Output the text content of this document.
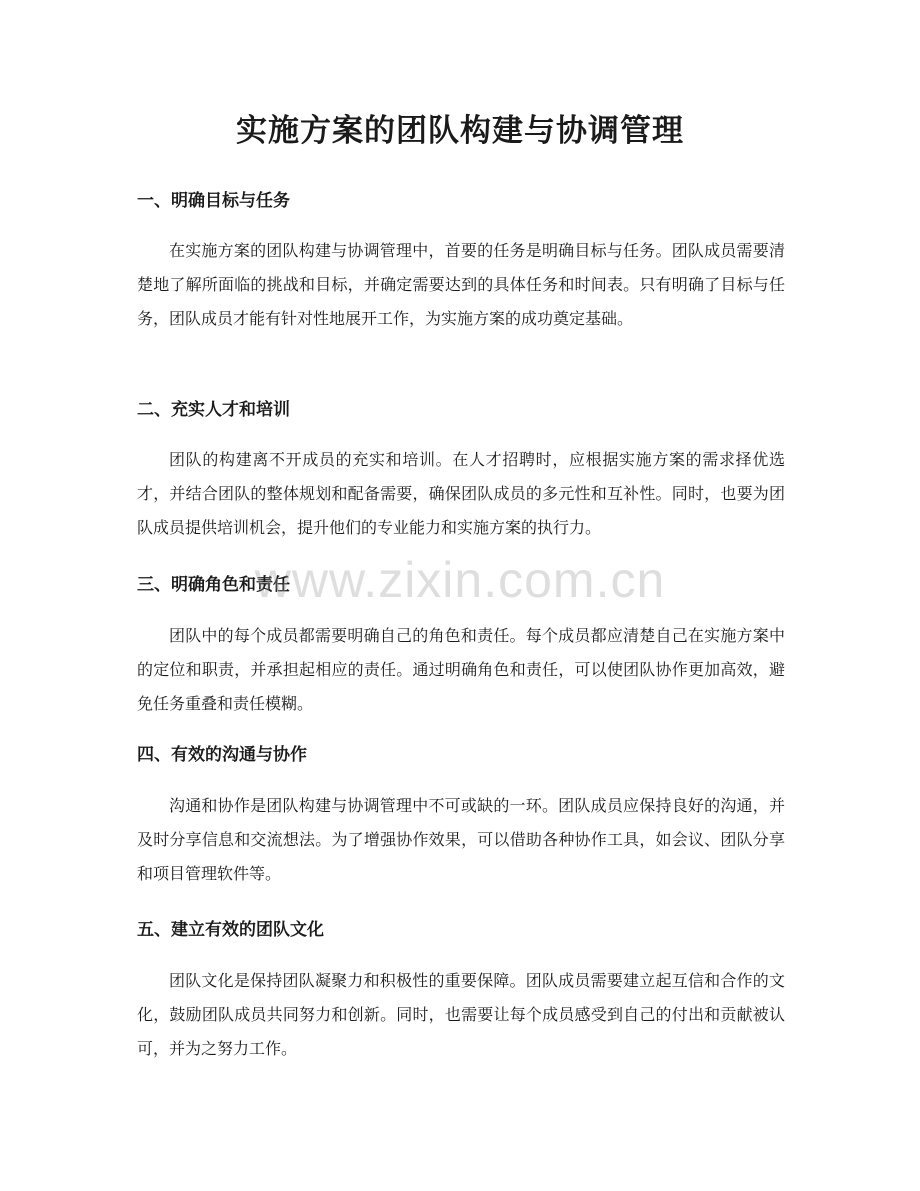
实施方案的团队构建与协调管理
一、明确目标与任务

在实施方案的团队构建与协调管理中，首要的任务是明确目标与任务。团队成员需要清楚地了解所面临的挑战和目标，并确定需要达到的具体任务和时间表。只有明确了目标与任务，团队成员才能有针对性地展开工作，为实施方案的成功奠定基础。

二、充实人才和培训

团队的构建离不开成员的充实和培训。在人才招聘时，应根据实施方案的需求择优选才，并结合团队的整体规划和配备需要，确保团队成员的多元性和互补性。同时，也要为团队成员提供培训机会，提升他们的专业能力和实施方案的执行力。

三、明确角色和责任

团队中的每个成员都需要明确自己的角色和责任。每个成员都应清楚自己在实施方案中的定位和职责，并承担起相应的责任。通过明确角色和责任，可以使团队协作更加高效，避免任务重叠和责任模糊。

四、有效的沟通与协作

沟通和协作是团队构建与协调管理中不可或缺的一环。团队成员应保持良好的沟通，并及时分享信息和交流想法。为了增强协作效果，可以借助各种协作工具，如会议、团队分享和项目管理软件等。

五、建立有效的团队文化

团队文化是保持团队凝聚力和积极性的重要保障。团队成员需要建立起互信和合作的文化，鼓励团队成员共同努力和创新。同时，也需要让每个成员感受到自己的付出和贡献被认可，并为之努力工作。

www.zixin.com.cn
